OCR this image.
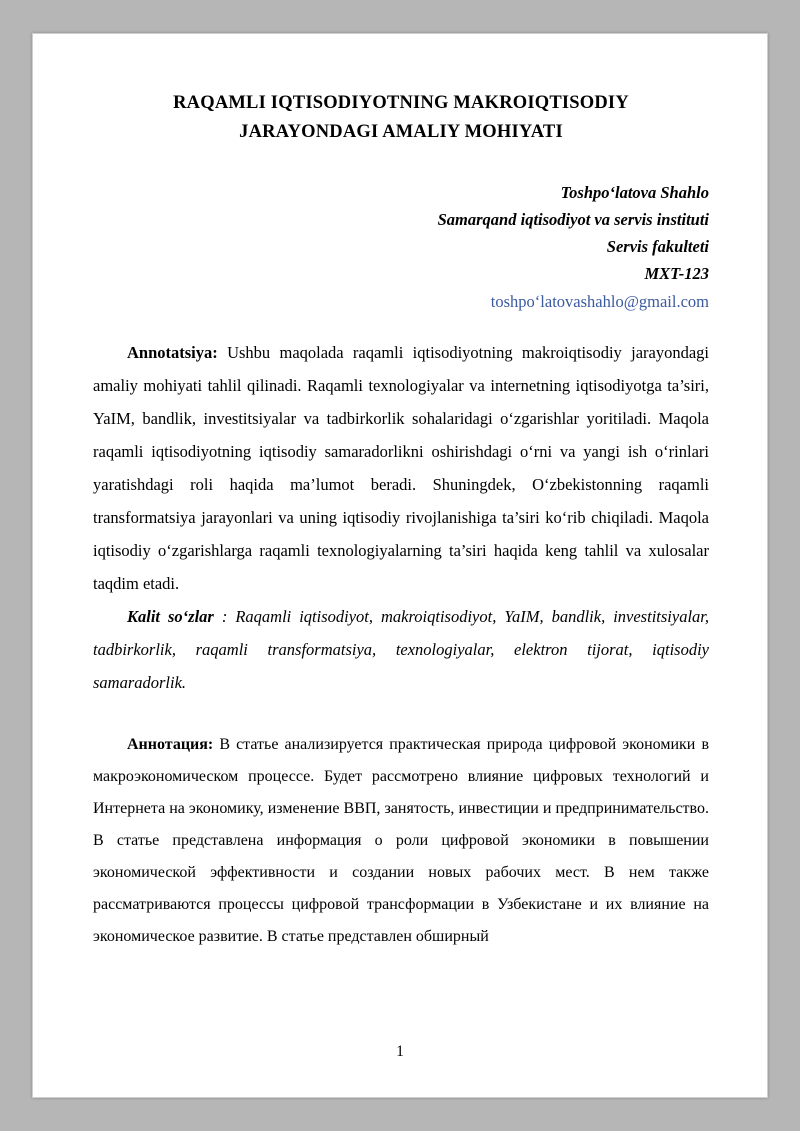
RAQAMLI IQTISODIYOTNING MAKROIQTISODIY JARAYONDAGI AMALIY MOHIYATI
Toshpo‘latova Shahlo
Samarqand iqtisodiyot va servis instituti
Servis fakulteti
MXT-123
toshpo‘latovashahlo@gmail.com
Annotatsiya: Ushbu maqolada raqamli iqtisodiyotning makroiqtisodiy jarayondagi amaliy mohiyati tahlil qilinadi. Raqamli texnologiyalar va internetning iqtisodiyotga ta’siri, YaIM, bandlik, investitsiyalar va tadbirkorlik sohalaridagi o‘zgarishlar yoritiladi. Maqola raqamli iqtisodiyotning iqtisodiy samaradorlikni oshirishdagi o‘rni va yangi ish o‘rinlari yaratishdagi roli haqida ma’lumot beradi. Shuningdek, O‘zbekistonning raqamli transformatsiya jarayonlari va uning iqtisodiy rivojlanishiga ta’siri ko‘rib chiqiladi. Maqola iqtisodiy o‘zgarishlarga raqamli texnologiyalarning ta’siri haqida keng tahlil va xulosalar taqdim etadi.
Kalit so‘zlar : Raqamli iqtisodiyot, makroiqtisodiyot, YaIM, bandlik, investitsiyalar, tadbirkorlik, raqamli transformatsiya, texnologiyalar, elektron tijorat, iqtisodiy samaradorlik.
Аннотация: В статье анализируется практическая природа цифровой экономики в макроэкономическом процессе. Будет рассмотрено влияние цифровых технологий и Интернета на экономику, изменение ВВП, занятость, инвестиции и предпринимательство. В статье представлена информация о роли цифровой экономики в повышении экономической эффективности и создании новых рабочих мест. В нем также рассматриваются процессы цифровой трансформации в Узбекистане и их влияние на экономическое развитие. В статье представлен обширный
1
